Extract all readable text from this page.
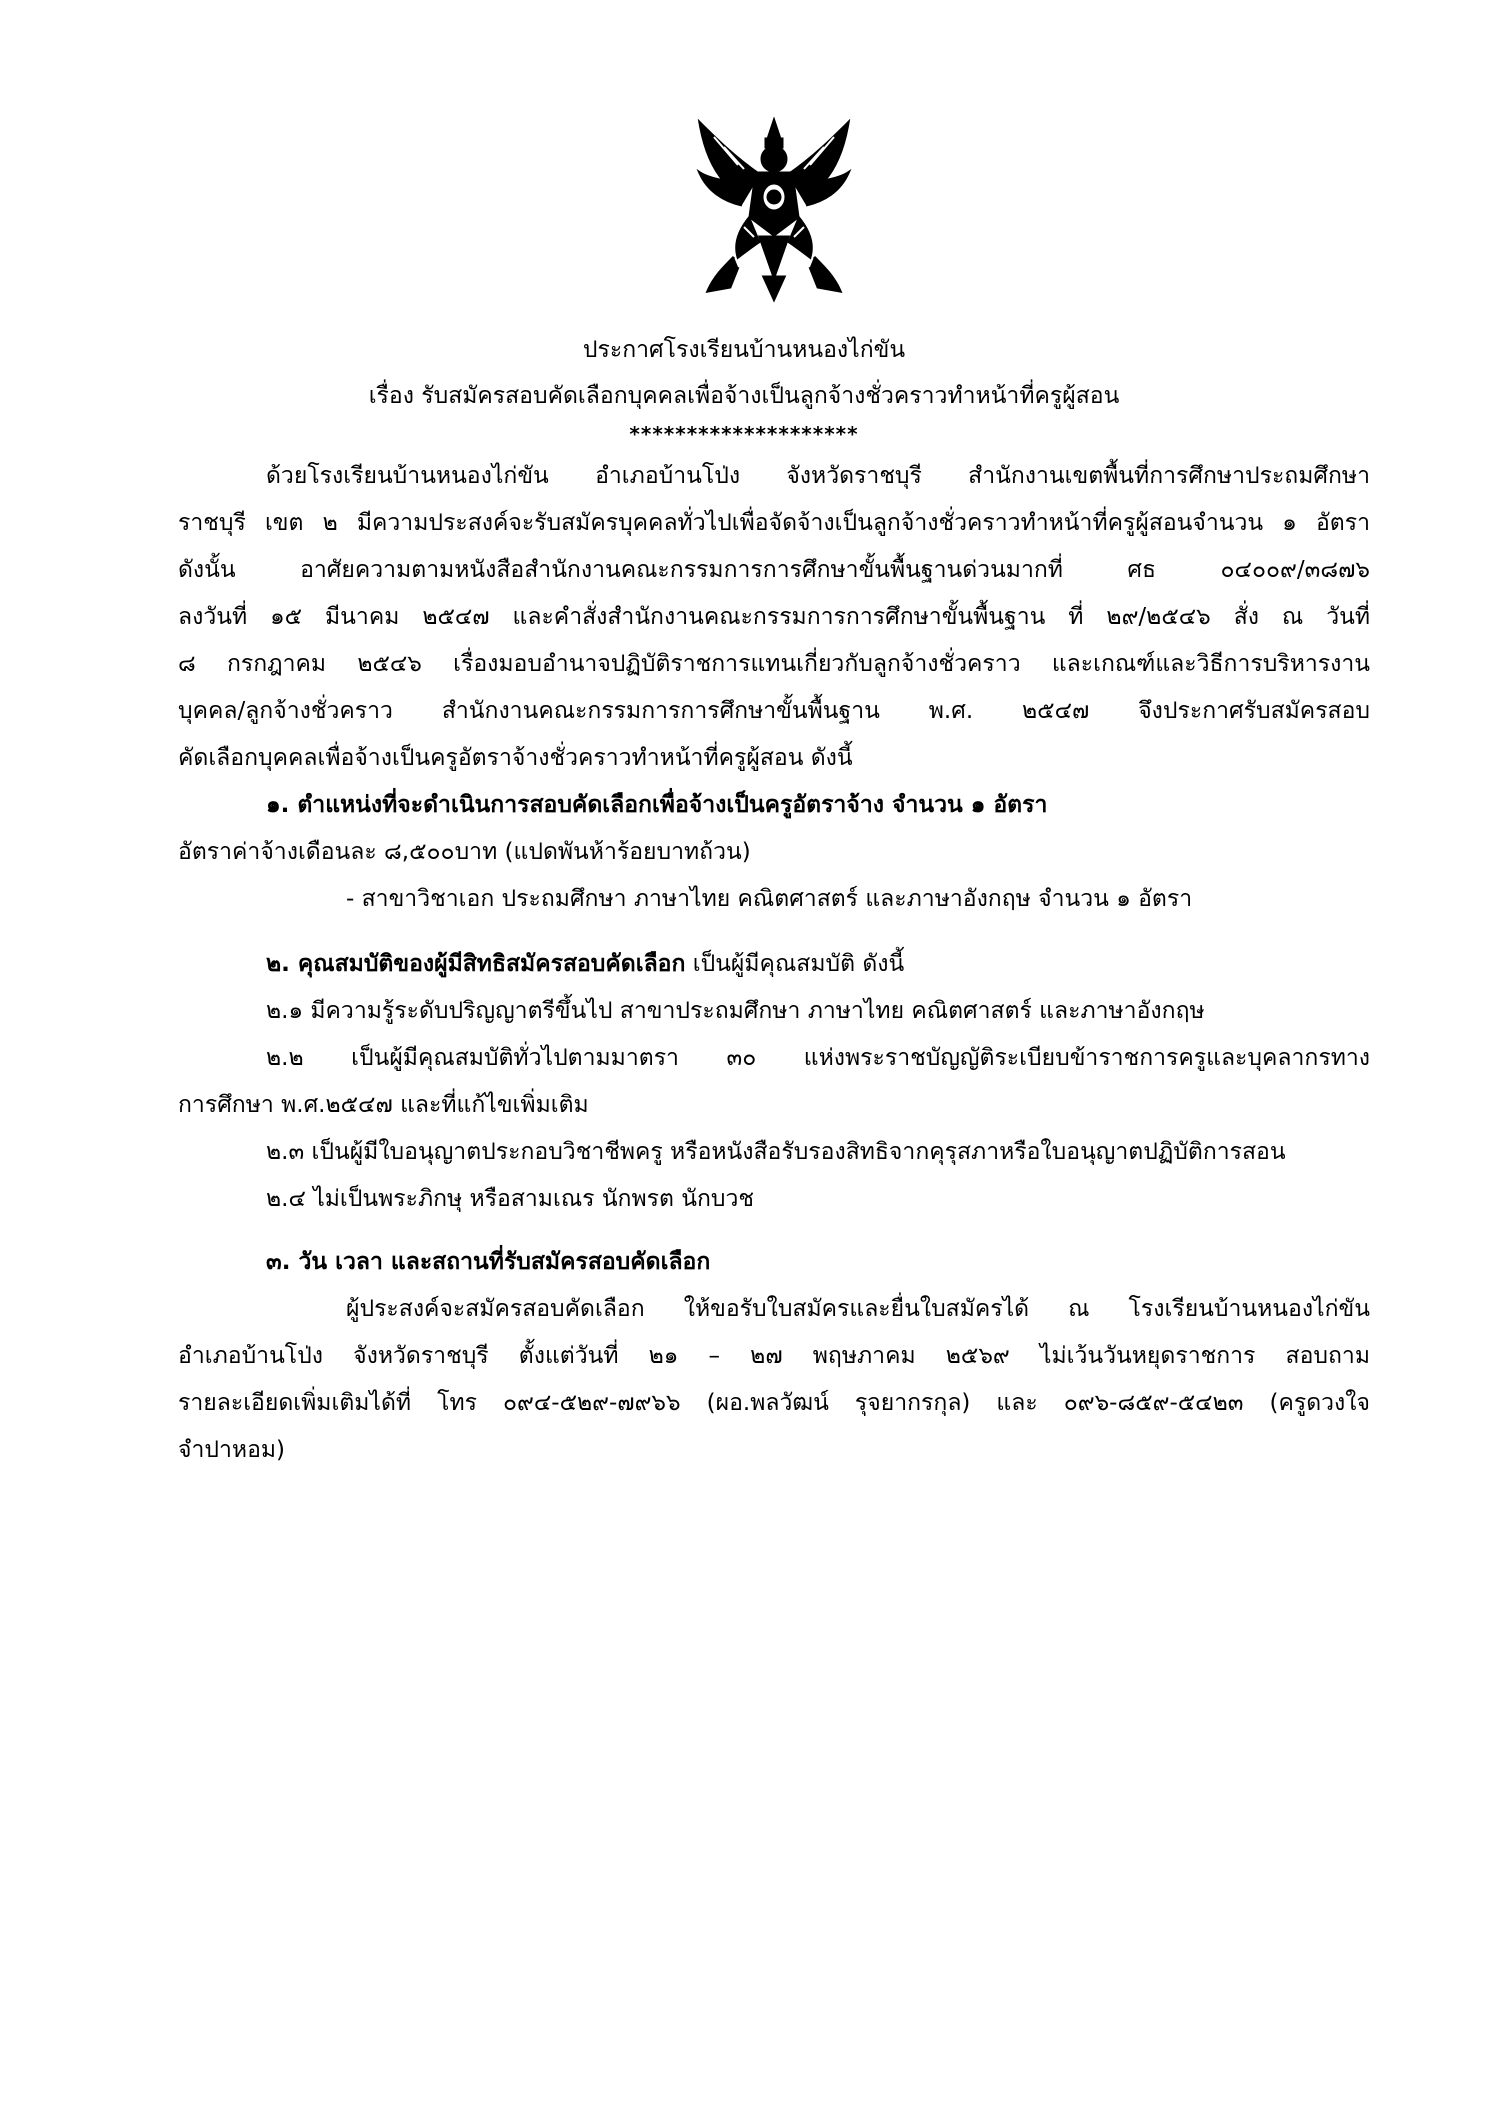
ประกาศโรงเรียนบ้านหนองไก่ขัน
เรื่อง รับสมัครสอบคัดเลือกบุคคลเพื่อจ้างเป็นลูกจ้างชั่วคราวทำหน้าที่ครูผู้สอน
********************
ด้วยโรงเรียนบ้านหนองไก่ขัน อำเภอบ้านโป่ง จังหวัดราชบุรี สำนักงานเขตพื้นที่การศึกษาประถมศึกษา
ราชบุรี เขต ๒ มีความประสงค์จะรับสมัครบุคคลทั่วไปเพื่อจัดจ้างเป็นลูกจ้างชั่วคราวทำหน้าที่ครูผู้สอนจำนวน ๑ อัตรา
ดังนั้น อาศัยความตามหนังสือสำนักงานคณะกรรมการการศึกษาขั้นพื้นฐานด่วนมากที่ ศธ ๐๔๐๐๙/๓๘๗๖
ลงวันที่ ๑๕ มีนาคม ๒๕๔๗ และคำสั่งสำนักงานคณะกรรมการการศึกษาขั้นพื้นฐาน ที่ ๒๙/๒๕๔๖ สั่ง ณ วันที่
๘ กรกฎาคม ๒๕๔๖ เรื่องมอบอำนาจปฏิบัติราชการแทนเกี่ยวกับลูกจ้างชั่วคราว และเกณฑ์และวิธีการบริหารงาน
บุคคล/ลูกจ้างชั่วคราว สำนักงานคณะกรรมการการศึกษาขั้นพื้นฐาน พ.ศ. ๒๕๔๗ จึงประกาศรับสมัครสอบ
คัดเลือกบุคคลเพื่อจ้างเป็นครูอัตราจ้างชั่วคราวทำหน้าที่ครูผู้สอน ดังนี้
๑. ตำแหน่งที่จะดำเนินการสอบคัดเลือกเพื่อจ้างเป็นครูอัตราจ้าง จำนวน ๑ อัตรา
อัตราค่าจ้างเดือนละ ๘,๕๐๐บาท (แปดพันห้าร้อยบาทถ้วน)
- สาขาวิชาเอก ประถมศึกษา ภาษาไทย คณิตศาสตร์ และภาษาอังกฤษ จำนวน ๑ อัตรา
๒. คุณสมบัติของผู้มีสิทธิสมัครสอบคัดเลือก เป็นผู้มีคุณสมบัติ ดังนี้
๒.๑ มีความรู้ระดับปริญญาตรีขึ้นไป สาขาประถมศึกษา ภาษาไทย คณิตศาสตร์ และภาษาอังกฤษ
๒.๒ เป็นผู้มีคุณสมบัติทั่วไปตามมาตรา ๓๐ แห่งพระราชบัญญัติระเบียบข้าราชการครูและบุคลากรทาง
การศึกษา พ.ศ.๒๕๔๗ และที่แก้ไขเพิ่มเติม
๒.๓ เป็นผู้มีใบอนุญาตประกอบวิชาชีพครู หรือหนังสือรับรองสิทธิจากคุรุสภาหรือใบอนุญาตปฏิบัติการสอน
๒.๔ ไม่เป็นพระภิกษุ หรือสามเณร นักพรต นักบวช
๓. วัน เวลา และสถานที่รับสมัครสอบคัดเลือก
ผู้ประสงค์จะสมัครสอบคัดเลือก ให้ขอรับใบสมัครและยื่นใบสมัครได้ ณ โรงเรียนบ้านหนองไก่ขัน
อำเภอบ้านโป่ง จังหวัดราชบุรี ตั้งแต่วันที่ ๒๑ – ๒๗ พฤษภาคม ๒๕๖๙ ไม่เว้นวันหยุดราชการ สอบถาม
รายละเอียดเพิ่มเติมได้ที่ โทร ๐๙๔-๕๒๙-๗๙๖๖ (ผอ.พลวัฒน์ รุจยากรกุล) และ ๐๙๖-๘๕๙-๕๔๒๓ (ครูดวงใจ
จำปาหอม)
